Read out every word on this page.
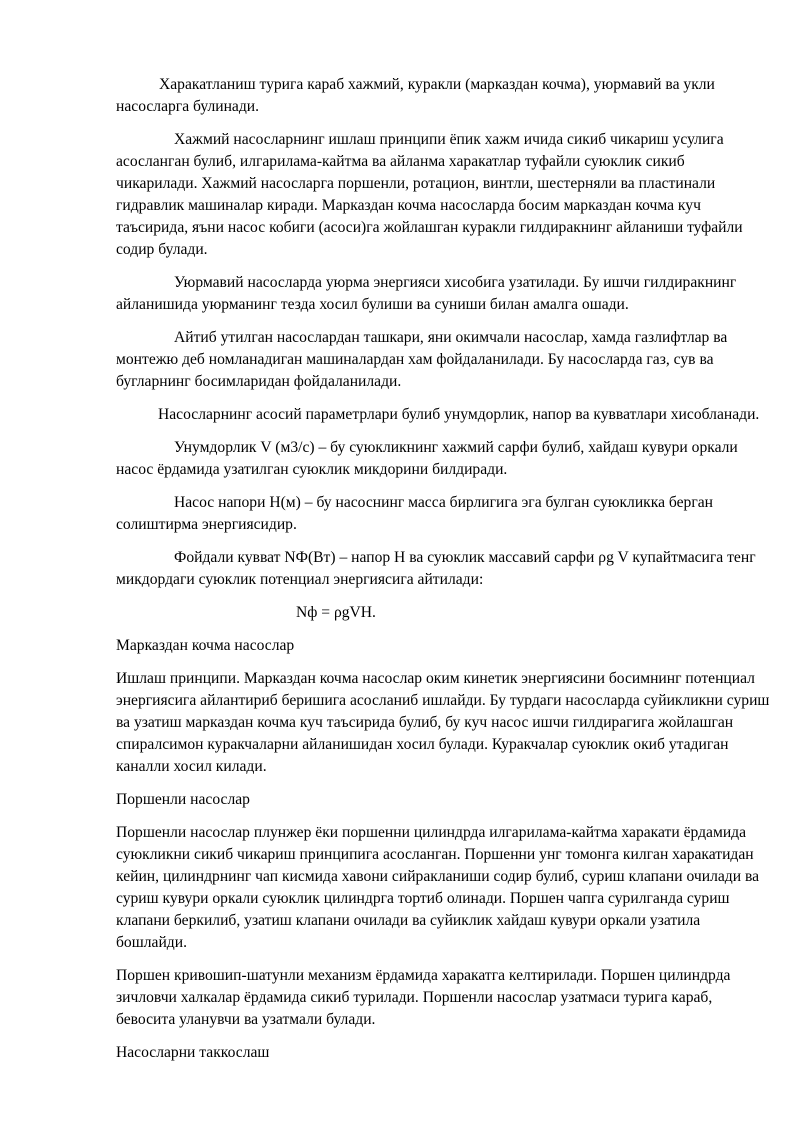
Харакатланиш турига караб хажмий, куракли (марказдан кочма), уюрмавий ва укли насосларга булинади.

Хажмий насосларнинг ишлаш принципи ёпик хажм ичида сикиб чикариш усулига асосланган булиб, илгарилама-кайтма ва айланма харакатлар туфайли суюклик сикиб чикарилади. Хажмий насосларга поршенли, ротацион, винтли, шестерняли ва пластинали гидравлик машиналар киради. Марказдан кочма насосларда босим марказдан кочма куч таъсирида, яъни насос кобиги (асоси)га жойлашган куракли гилдиракнинг айланиши туфайли содир булади.

Уюрмавий насосларда уюрма энергияси хисобига узатилади. Бу ишчи гилдиракнинг айланишида уюрманинг тезда хосил булиши ва суниши билан амалга ошади.

Айтиб утилган насослардан ташкари, яни окимчали насослар, хамда газлифтлар ва монтежю деб номланадиган машиналардан хам фойдаланилади. Бу насосларда газ, сув ва бугларнинг босимларидан фойдаланилади.

Насосларнинг асосий параметрлари булиб унумдорлик, напор ва кувватлари хисобланади.

Унумдорлик V (м3/с) – бу суюкликнинг хажмий сарфи булиб, хайдаш кувури оркали насос ёрдамида узатилган суюклик микдорини билдиради.

Насос напори H(м) – бу насоснинг масса бирлигига эга булган суюкликка берган солиштирма энергиясидир.

Фойдали кувват NФ(Вт) – напор H ва суюклик массавий сарфи ρg V купайтмасига тенг микдордаги суюклик потенциал энергиясига айтилади:

Nф = ρgVH.

Марказдан кочма насослар

Ишлаш принципи. Марказдан кочма насослар оким кинетик энергиясини босимнинг потенциал энергиясига айлантириб беришига асосланиб ишлайди. Бу турдаги насосларда суйикликни суриш ва узатиш марказдан кочма куч таъсирида булиб, бу куч насос ишчи гилдирагига жойлашган спиралсимон куракчаларни айланишидан хосил булади. Куракчалар суюклик окиб утадиган каналли хосил килади.

Поршенли насослар

Поршенли насослар плунжер ёки поршенни цилиндрда илгарилама-кайтма харакати ёрдамида суюкликни сикиб чикариш принципига асосланган. Поршенни унг томонга килган харакатидан кейин, цилиндрнинг чап кисмида хавони сийракланиши содир булиб, суриш клапани очилади ва суриш кувури оркали суюклик цилиндрга тортиб олинади. Поршен чапга сурилганда суриш клапани беркилиб, узатиш клапани очилади ва суйиклик хайдаш кувури оркали узатила бошлайди.

Поршен кривошип-шатунли механизм ёрдамида харакатга келтирилади. Поршен цилиндрда зичловчи халкалар ёрдамида сикиб турилади. Поршенли насослар узатмаси турига караб, бевосита уланувчи ва узатмали булади.

Насосларни таккослаш
